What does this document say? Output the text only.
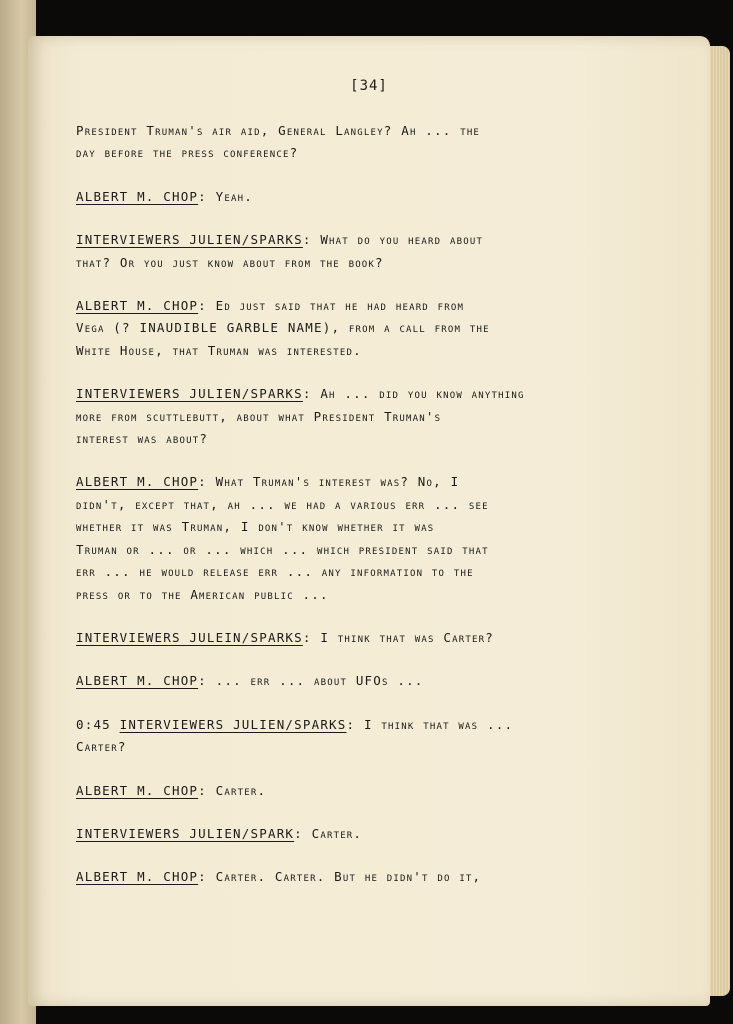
[34]
President Truman's air aid, General Langley? Ah ... the
day before the press conference?
ALBERT M. CHOP: Yeah.
INTERVIEWERS JULIEN/SPARKS: What do you heard about
that? Or you just know about from the book?
ALBERT M. CHOP: Ed just said that he had heard from
Vega (? INAUDIBLE GARBLE NAME), from a call from the
White House, that Truman was interested.
INTERVIEWERS JULIEN/SPARKS: Ah ... did you know anything
more from scuttlebutt, about what President Truman's
interest was about?
ALBERT M. CHOP: What Truman's interest was? No, I
didn't, except that, ah ... we had a various err ... see
whether it was Truman, I don't know whether it was
Truman or ... or ... which ... which president said that
err ... he would release err ... any information to the
press or to the American public ...
INTERVIEWERS JULEIN/SPARKS: I think that was Carter?
ALBERT M. CHOP: ... err ... about UFOs ...
0:45 INTERVIEWERS JULIEN/SPARKS: I think that was ...
Carter?
ALBERT M. CHOP: Carter.
INTERVIEWERS JULIEN/SPARK: Carter.
ALBERT M. CHOP: Carter. Carter. But he didn't do it,
